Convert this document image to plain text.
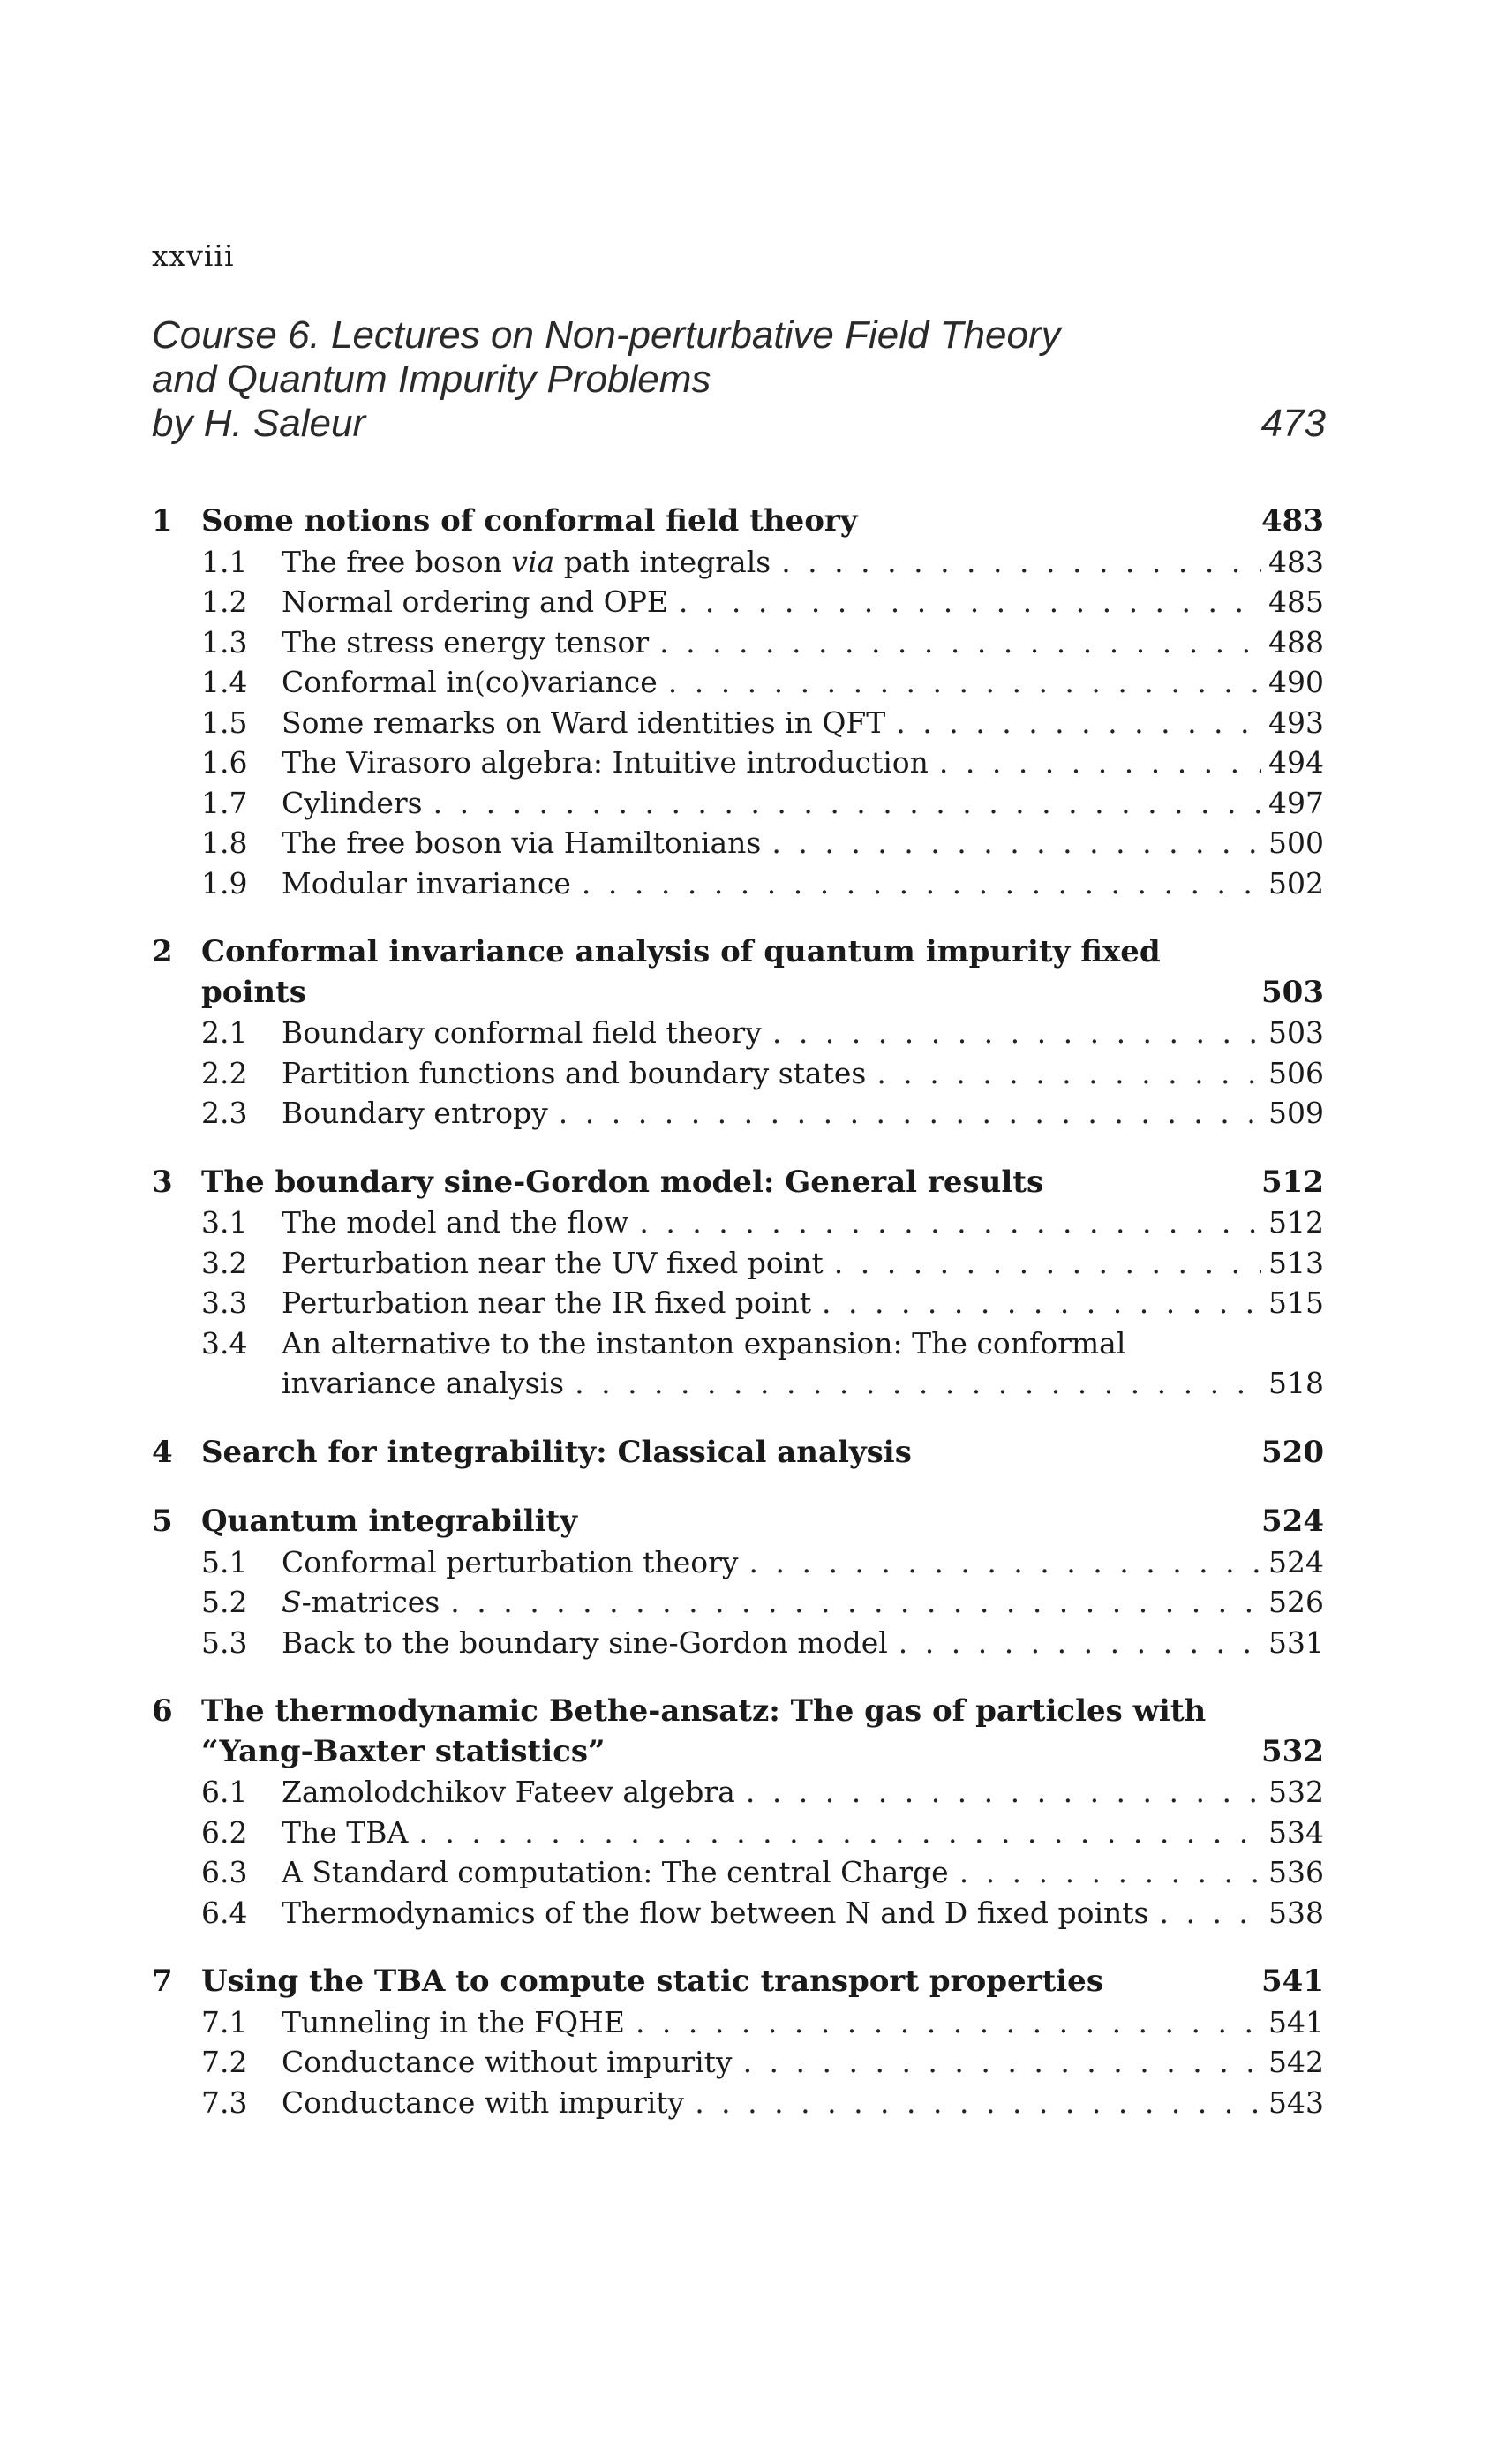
xxviii
Course 6. Lectures on Non-perturbative Field Theory
and Quantum Impurity Problems
by H. Saleur	473
1 Some notions of conformal field theory	483
1.1	The free boson via path integrals . . .	483
1.2	Normal ordering and OPE . . .	485
1.3	The stress energy tensor . . .	488
1.4	Conformal in(co)variance . . .	490
1.5	Some remarks on Ward identities in QFT . . .	493
1.6	The Virasoro algebra: Intuitive introduction . . .	494
1.7	Cylinders . . .	497
1.8	The free boson via Hamiltonians . . .	500
1.9	Modular invariance . . .	502
2 Conformal invariance analysis of quantum impurity fixed
points	503
2.1	Boundary conformal field theory . . .	503
2.2	Partition functions and boundary states . . .	506
2.3	Boundary entropy . . .	509
3 The boundary sine-Gordon model: General results	512
3.1	The model and the flow . . .	512
3.2	Perturbation near the UV fixed point . . .	513
3.3	Perturbation near the IR fixed point . . .	515
3.4	An alternative to the instanton expansion: The conformal
invariance analysis . . .	518
4 Search for integrability: Classical analysis	520
5 Quantum integrability	524
5.1	Conformal perturbation theory . . .	524
5.2	S-matrices . . .	526
5.3	Back to the boundary sine-Gordon model . . .	531
6 The thermodynamic Bethe-ansatz: The gas of particles with
“Yang-Baxter statistics”	532
6.1	Zamolodchikov Fateev algebra . . .	532
6.2	The TBA . . .	534
6.3	A Standard computation: The central Charge . . .	536
6.4	Thermodynamics of the flow between N and D fixed points . . .	538
7 Using the TBA to compute static transport properties	541
7.1	Tunneling in the FQHE . . .	541
7.2	Conductance without impurity . . .	542
7.3	Conductance with impurity . . .	543
